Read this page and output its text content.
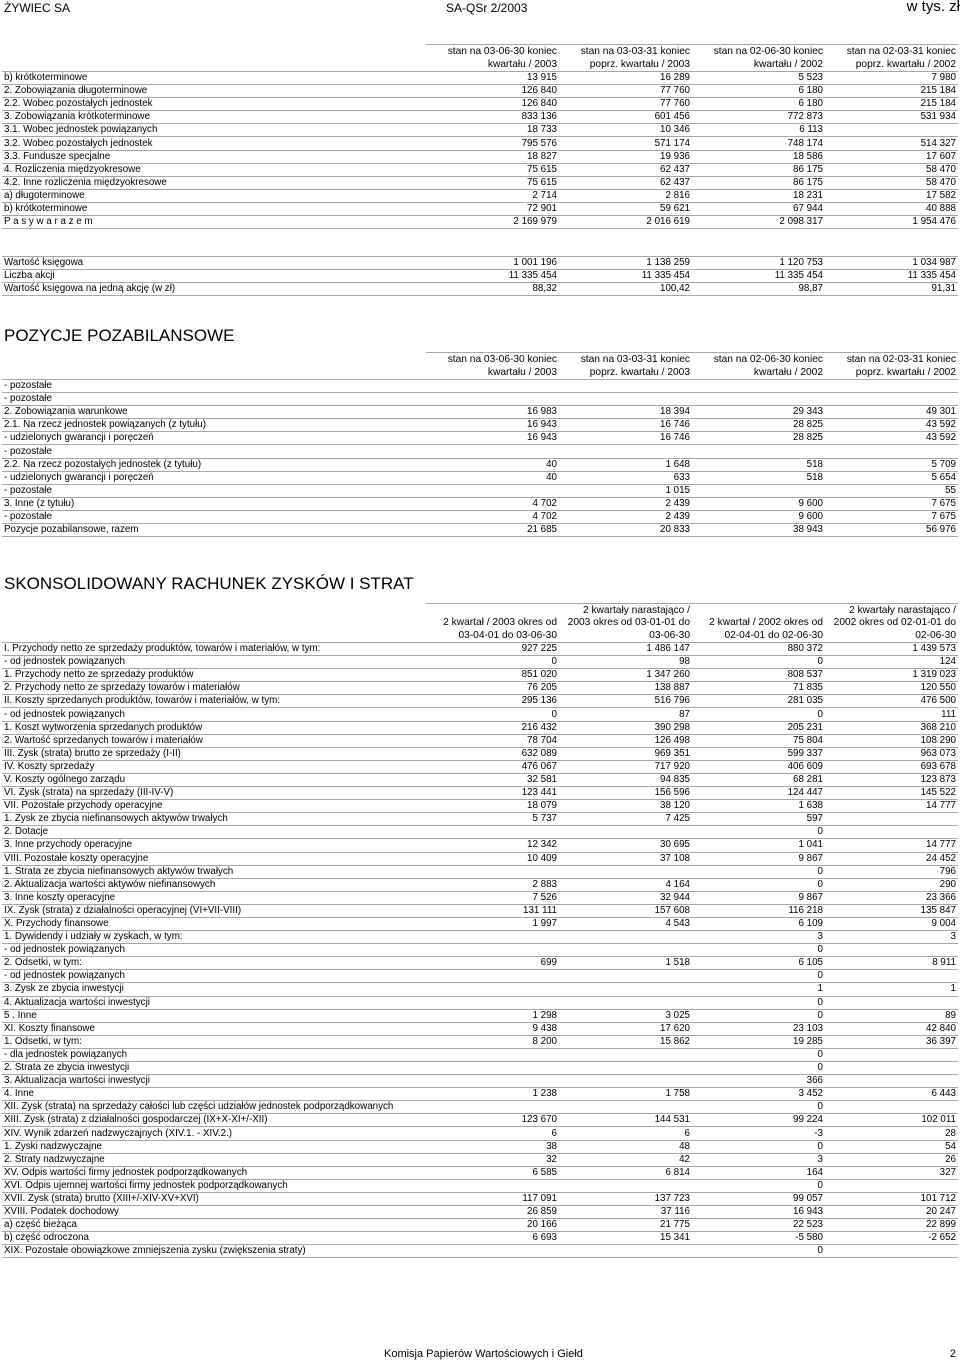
ŻYWIEC SA	SA-QSr 2/2003	w tys. zł
	stan na 03-06-30 koniec kwartału / 2003	stan na 03-03-31 koniec poprz. kwartału / 2003	stan na 02-06-30 koniec kwartału / 2002	stan na 02-03-31 koniec poprz. kwartału / 2002
b) krótkoterminowe	13 915	16 289	5 523	7 980
2. Zobowiązania długoterminowe	126 840	77 760	6 180	215 184
2.2. Wobec pozostałych jednostek	126 840	77 760	6 180	215 184
3. Zobowiązania krótkoterminowe	833 136	601 456	772 873	531 934
3.1. Wobec jednostek powiązanych	18 733	10 346	6 113	
3.2. Wobec pozostałych jednostek	795 576	571 174	748 174	514 327
3.3. Fundusze specjalne	18 827	19 936	18 586	17 607
4. Rozliczenia międzyokresowe	75 615	62 437	86 175	58 470
4.2. Inne rozliczenia międzyokresowe	75 615	62 437	86 175	58 470
a) długoterminowe	2 714	2 816	18 231	17 582
b) krótkoterminowe	72 901	59 621	67 944	40 888
P a s y w a r a z e m	2 169 979	2 016 619	2 098 317	1 954 476
Wartość księgowa	1 001 196	1 138 259	1 120 753	1 034 987
Liczba akcji	11 335 454	11 335 454	11 335 454	11 335 454
Wartość księgowa na jedną akcję (w zł)	88,32	100,42	98,87	91,31
POZYCJE POZABILANSOWE
	stan na 03-06-30 koniec kwartału / 2003	stan na 03-03-31 koniec poprz. kwartału / 2003	stan na 02-06-30 koniec kwartału / 2002	stan na 02-03-31 koniec poprz. kwartału / 2002
- pozostałe				
- pozostałe				
2. Zobowiązania warunkowe	16 983	18 394	29 343	49 301
2.1. Na rzecz jednostek powiązanych (z tytułu)	16 943	16 746	28 825	43 592
- udzielonych gwarancji i poręczeń	16 943	16 746	28 825	43 592
- pozostałe				
2.2. Na rzecz pozostałych jednostek (z tytułu)	40	1 648	518	5 709
- udzielonych gwarancji i poręczeń	40	633	518	5 654
- pozostałe		1 015		55
3. Inne (z tytułu)	4 702	2 439	9 600	7 675
- pozostałe	4 702	2 439	9 600	7 675
Pozycje pozabilansowe, razem	21 685	20 833	38 943	56 976
SKONSOLIDOWANY RACHUNEK ZYSKÓW I STRAT
	2 kwartał / 2003 okres od 03-04-01 do 03-06-30	2 kwartały narastająco / 2003 okres od 03-01-01 do 03-06-30	2 kwartał / 2002 okres od 02-04-01 do 02-06-30	2 kwartały narastająco / 2002 okres od 02-01-01 do 02-06-30
I. Przychody netto ze sprzedaży produktów, towarów i materiałów, w tym:	927 225	1 486 147	880 372	1 439 573
- od jednostek powiązanych	0	98	0	124
1. Przychody netto ze sprzedaży produktów	851 020	1 347 260	808 537	1 319 023
2. Przychody netto ze sprzedaży towarów i materiałów	76 205	138 887	71 835	120 550
II. Koszty sprzedanych produktów, towarów i materiałów, w tym:	295 136	516 796	281 035	476 500
- od jednostek powiązanych	0	87	0	111
1. Koszt wytworzenia sprzedanych produktów	216 432	390 298	205 231	368 210
2. Wartość sprzedanych towarów i materiałów	78 704	126 498	75 804	108 290
III. Zysk (strata) brutto ze sprzedaży (I-II)	632 089	969 351	599 337	963 073
IV. Koszty sprzedaży	476 067	717 920	406 609	693 678
V. Koszty ogólnego zarządu	32 581	94 835	68 281	123 873
VI. Zysk (strata) na sprzedaży (III-IV-V)	123 441	156 596	124 447	145 522
VII. Pozostałe przychody operacyjne	18 079	38 120	1 638	14 777
1. Zysk ze zbycia niefinansowych aktywów trwałych	5 737	7 425	597	
2. Dotacje			0	
3. Inne przychody operacyjne	12 342	30 695	1 041	14 777
VIII. Pozostałe koszty operacyjne	10 409	37 108	9 867	24 452
1. Strata ze zbycia niefinansowych aktywów trwałych			0	796
2. Aktualizacja wartości aktywów niefinansowych	2 883	4 164	0	290
3. Inne koszty operacyjne	7 526	32 944	9 867	23 366
IX. Zysk (strata) z działalności operacyjnej (VI+VII-VIII)	131 111	157 608	116 218	135 847
X. Przychody finansowe	1 997	4 543	6 109	9 004
1. Dywidendy i udziały w zyskach, w tym:			3	3
- od jednostek powiązanych			0	
2. Odsetki, w tym:	699	1 518	6 105	8 911
- od jednostek powiązanych			0	
3. Zysk ze zbycia inwestycji			1	1
4. Aktualizacja wartości inwestycji			0	
5 . Inne	1 298	3 025	0	89
XI. Koszty finansowe	9 438	17 620	23 103	42 840
1. Odsetki, w tym:	8 200	15 862	19 285	36 397
- dla jednostek powiązanych			0	
2. Strata ze zbycia inwestycji			0	
3. Aktualizacja wartości inwestycji			366	
4. Inne	1 238	1 758	3 452	6 443
XII. Zysk (strata) na sprzedaży całości lub części udziałów jednostek podporządkowanych			0	
XIII. Zysk (strata) z działalności gospodarczej (IX+X-XI+/-XII)	123 670	144 531	99 224	102 011
XIV. Wynik zdarzeń nadzwyczajnych (XIV.1. - XIV.2.)	6	6	-3	28
1. Zyski nadzwyczajne	38	48	0	54
2. Straty nadzwyczajne	32	42	3	26
XV. Odpis wartości firmy jednostek podporządkowanych	6 585	6 814	164	327
XVI. Odpis ujemnej wartości firmy jednostek podporządkowanych			0	
XVII. Zysk (strata) brutto (XIII+/-XIV-XV+XVI)	117 091	137 723	99 057	101 712
XVIII. Podatek dochodowy	26 859	37 116	16 943	20 247
a) część bieżąca	20 166	21 775	22 523	22 899
b) część odroczona	6 693	15 341	-5 580	-2 652
XIX. Pozostałe obowiązkowe zmniejszenia zysku (zwiększenia straty)			0	
Komisja Papierów Wartościowych i Giełd	2
